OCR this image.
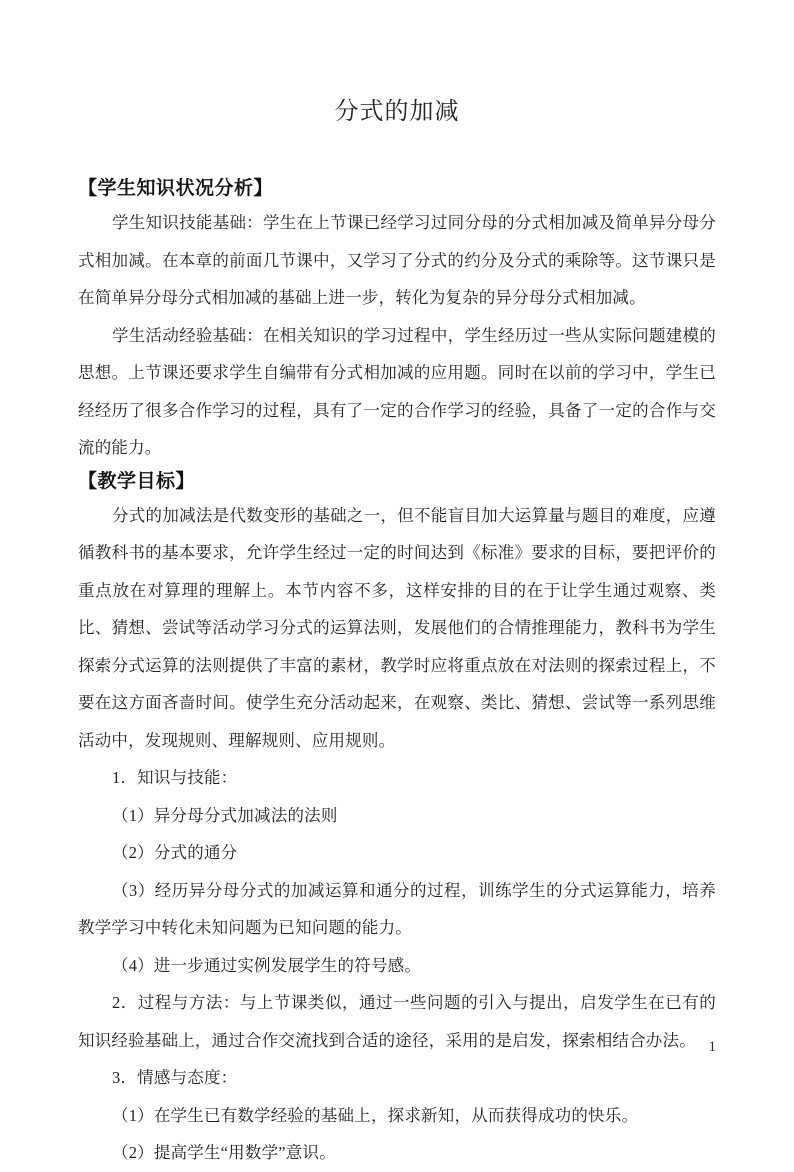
分式的加减
【学生知识状况分析】

学生知识技能基础：学生在上节课已经学习过同分母的分式相加减及简单异分母分式相加减。在本章的前面几节课中，又学习了分式的约分及分式的乘除等。这节课只是在简单异分母分式相加减的基础上进一步，转化为复杂的异分母分式相加减。

学生活动经验基础：在相关知识的学习过程中，学生经历过一些从实际问题建模的思想。上节课还要求学生自编带有分式相加减的应用题。同时在以前的学习中，学生已经经历了很多合作学习的过程，具有了一定的合作学习的经验，具备了一定的合作与交流的能力。

【教学目标】

分式的加减法是代数变形的基础之一，但不能盲目加大运算量与题目的难度，应遵循教科书的基本要求，允许学生经过一定的时间达到《标准》要求的目标，要把评价的重点放在对算理的理解上。本节内容不多，这样安排的目的在于让学生通过观察、类比、猜想、尝试等活动学习分式的运算法则，发展他们的合情推理能力，教科书为学生探索分式运算的法则提供了丰富的素材，教学时应将重点放在对法则的探索过程上，不要在这方面吝啬时间。使学生充分活动起来，在观察、类比、猜想、尝试等一系列思维活动中，发现规则、理解规则、应用规则。

1．知识与技能：

（1）异分母分式加减法的法则

（2）分式的通分

（3）经历异分母分式的加减运算和通分的过程，训练学生的分式运算能力，培养教学学习中转化未知问题为已知问题的能力。

（4）进一步通过实例发展学生的符号感。

2．过程与方法：与上节课类似，通过一些问题的引入与提出，启发学生在已有的知识经验基础上，通过合作交流找到合适的途径，采用的是启发，探索相结合办法。

3．情感与态度：

（1）在学生已有数学经验的基础上，探求新知，从而获得成功的快乐。

（2）提高学生“用数学”意识。

1
